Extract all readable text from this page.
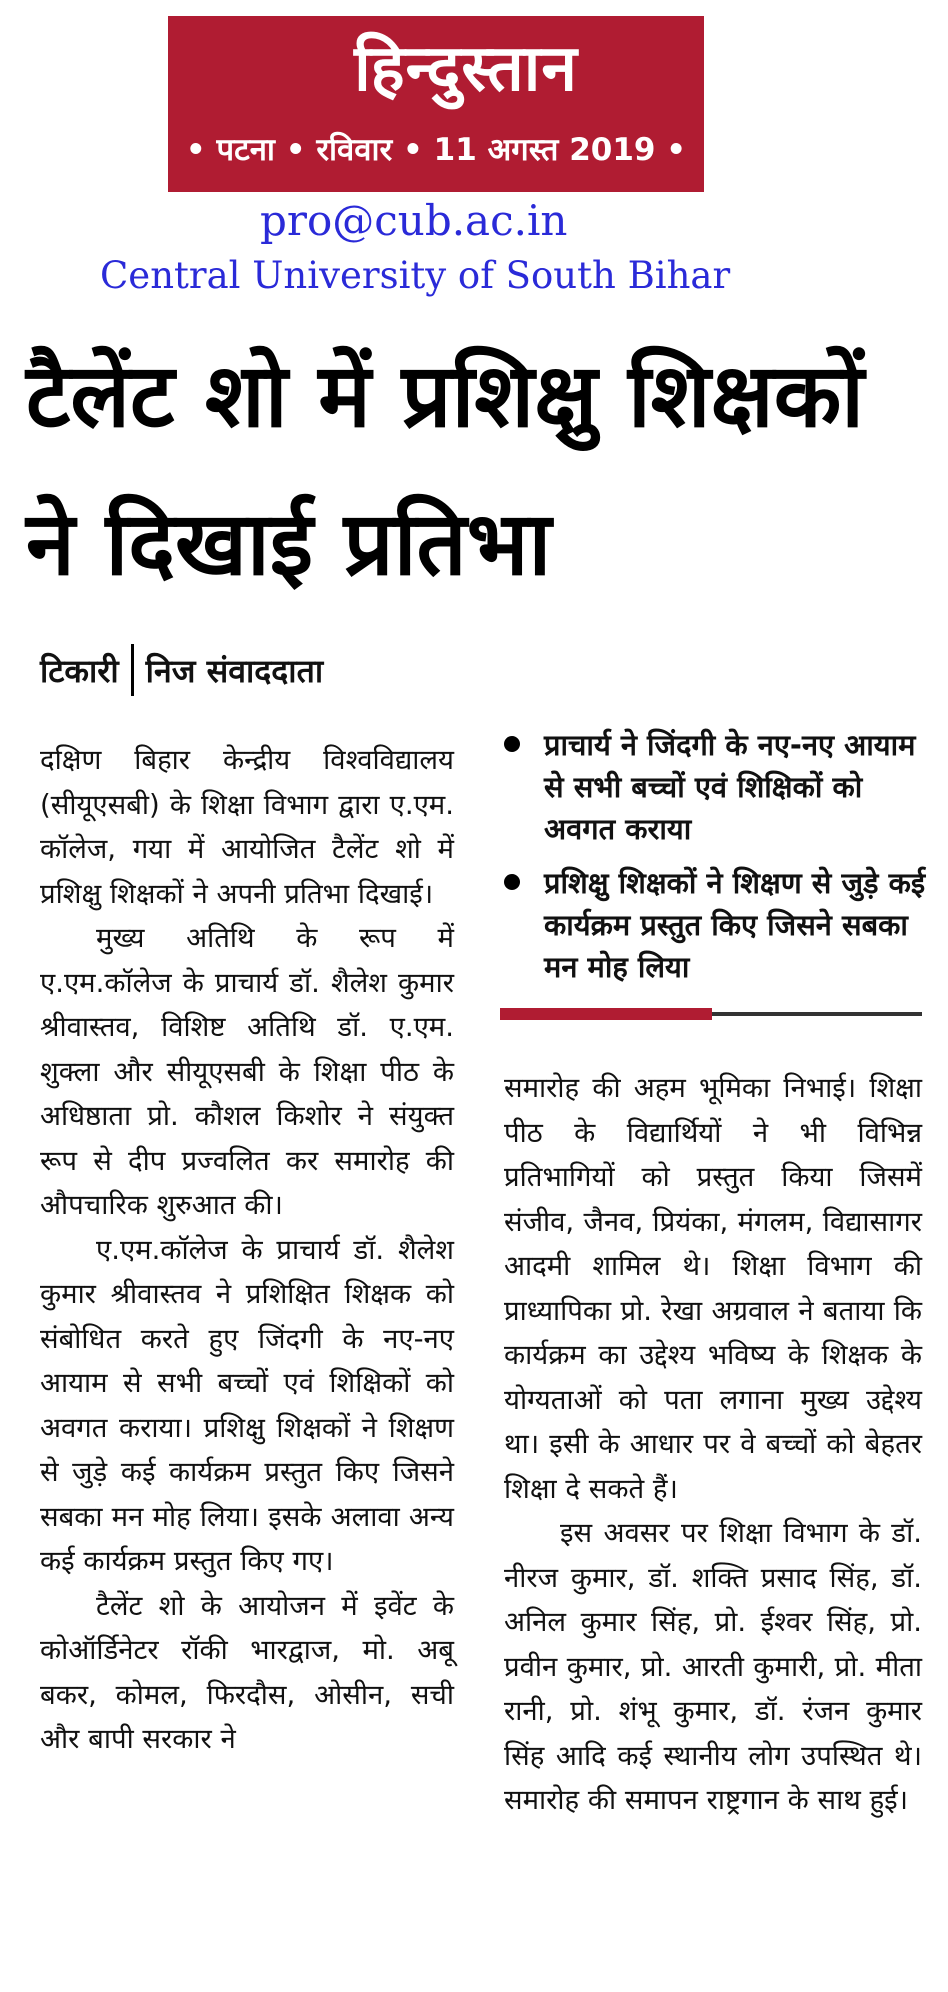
हिन्दुस्तान
• पटना • रविवार • 11 अगस्त 2019 •
pro@cub.ac.in
Central University of South Bihar
टैलेंट शो में प्रशिक्षु शिक्षकों ने दिखाई प्रतिभा
टिकारी निज संवाददाता

दक्षिण बिहार केन्द्रीय विश्वविद्यालय (सीयूएसबी) के शिक्षा विभाग द्वारा ए.एम. कॉलेज, गया में आयोजित टैलेंट शो में प्रशिक्षु शिक्षकों ने अपनी प्रतिभा दिखाई।

मुख्य अतिथि के रूप में ए.एम.कॉलेज के प्राचार्य डॉ. शैलेश कुमार श्रीवास्तव, विशिष्ट अतिथि डॉ. ए.एम. शुक्ला और सीयूएसबी के शिक्षा पीठ के अधिष्ठाता प्रो. कौशल किशोर ने संयुक्त रूप से दीप प्रज्वलित कर समारोह की औपचारिक शुरुआत की।

ए.एम.कॉलेज के प्राचार्य डॉ. शैलेश कुमार श्रीवास्तव ने प्रशिक्षित शिक्षक को संबोधित करते हुए जिंदगी के नए-नए आयाम से सभी बच्चों एवं शिक्षिकों को अवगत कराया। प्रशिक्षु शिक्षकों ने शिक्षण से जुड़े कई कार्यक्रम प्रस्तुत किए जिसने सबका मन मोह लिया। इसके अलावा अन्य कई कार्यक्रम प्रस्तुत किए गए।

टैलेंट शो के आयोजन में इवेंट के कोऑर्डिनेटर रॉकी भारद्वाज, मो. अबू बकर, कोमल, फिरदौस, ओसीन, सची और बापी सरकार ने

प्राचार्य ने जिंदगी के नए-नए आयाम से सभी बच्चों एवं शिक्षिकों को अवगत कराया
प्रशिक्षु शिक्षकों ने शिक्षण से जुड़े कई कार्यक्रम प्रस्तुत किए जिसने सबका मन मोह लिया

समारोह की अहम भूमिका निभाई। शिक्षा पीठ के विद्यार्थियों ने भी विभिन्न प्रतिभागियों को प्रस्तुत किया जिसमें संजीव, जैनव, प्रियंका, मंगलम, विद्यासागर आदमी शामिल थे। शिक्षा विभाग की प्राध्यापिका प्रो. रेखा अग्रवाल ने बताया कि कार्यक्रम का उद्देश्य भविष्य के शिक्षक के योग्यताओं को पता लगाना मुख्य उद्देश्य था। इसी के आधार पर वे बच्चों को बेहतर शिक्षा दे सकते हैं।

इस अवसर पर शिक्षा विभाग के डॉ. नीरज कुमार, डॉ. शक्ति प्रसाद सिंह, डॉ. अनिल कुमार सिंह, प्रो. ईश्वर सिंह, प्रो. प्रवीन कुमार, प्रो. आरती कुमारी, प्रो. मीता रानी, प्रो. शंभू कुमार, डॉ. रंजन कुमार सिंह आदि कई स्थानीय लोग उपस्थित थे। समारोह की समापन राष्ट्रगान के साथ हुई।
